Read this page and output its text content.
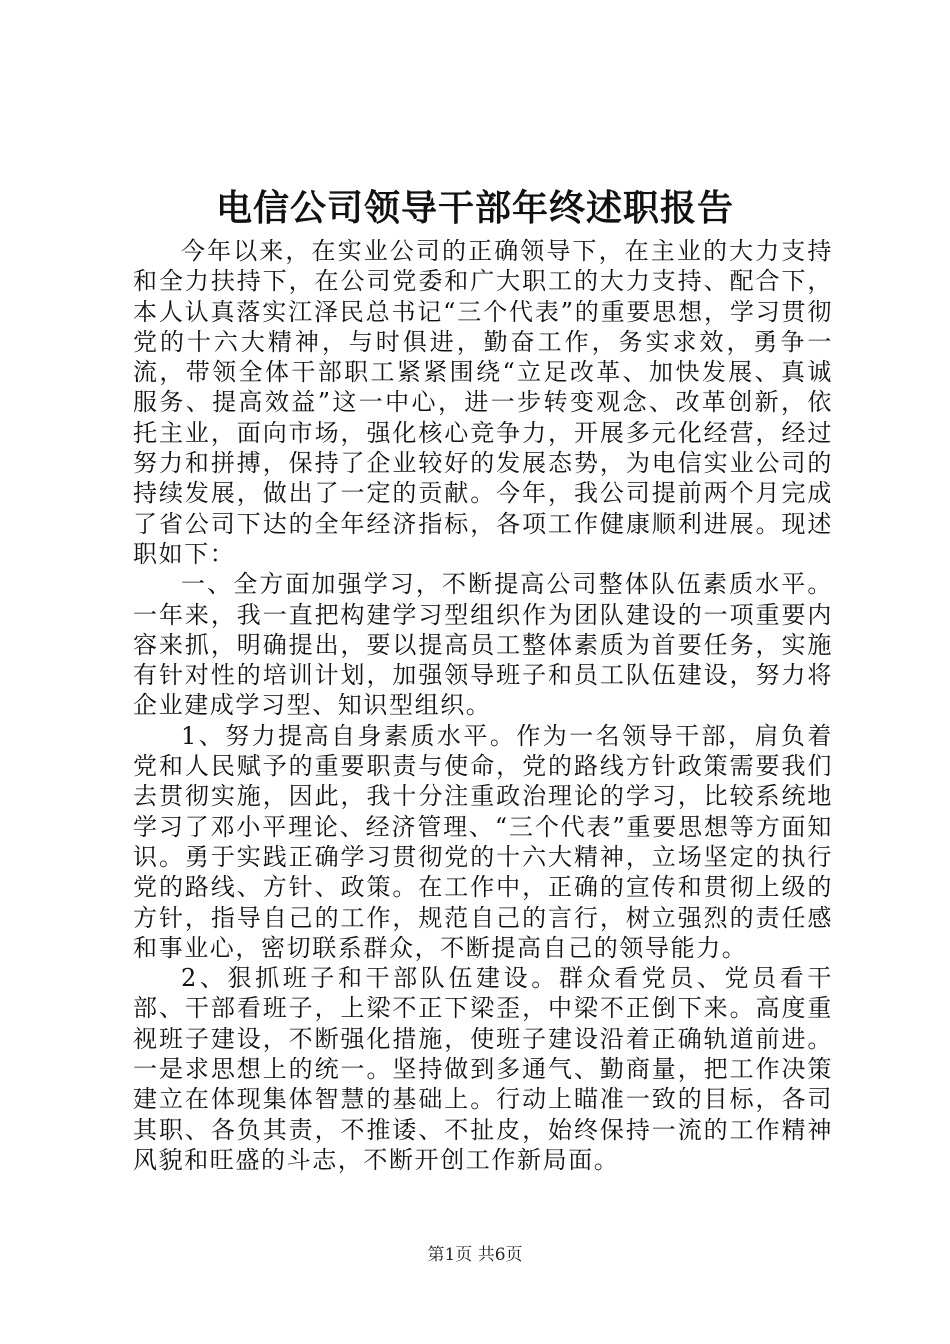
电信公司领导干部年终述职报告

今年以来，在实业公司的正确领导下，在主业的大力支持和全力扶持下，在公司党委和广大职工的大力支持、配合下，本人认真落实江泽民总书记“三个代表”的重要思想，学习贯彻党的十六大精神，与时俱进，勤奋工作，务实求效，勇争一流，带领全体干部职工紧紧围绕“立足改革、加快发展、真诚服务、提高效益”这一中心，进一步转变观念、改革创新，依托主业，面向市场，强化核心竞争力，开展多元化经营，经过努力和拼搏，保持了企业较好的发展态势，为电信实业公司的持续发展，做出了一定的贡献。今年，我公司提前两个月完成了省公司下达的全年经济指标，各项工作健康顺利进展。现述职如下：

一、全方面加强学习，不断提高公司整体队伍素质水平。一年来，我一直把构建学习型组织作为团队建设的一项重要内容来抓，明确提出，要以提高员工整体素质为首要任务，实施有针对性的培训计划，加强领导班子和员工队伍建设，努力将企业建成学习型、知识型组织。

1、努力提高自身素质水平。作为一名领导干部，肩负着党和人民赋予的重要职责与使命，党的路线方针政策需要我们去贯彻实施，因此，我十分注重政治理论的学习，比较系统地学习了邓小平理论、经济管理、“三个代表”重要思想等方面知识。勇于实践正确学习贯彻党的十六大精神，立场坚定的执行党的路线、方针、政策。在工作中，正确的宣传和贯彻上级的方针，指导自己的工作，规范自己的言行，树立强烈的责任感和事业心，密切联系群众，不断提高自己的领导能力。

2、狠抓班子和干部队伍建设。群众看党员、党员看干部、干部看班子，上梁不正下梁歪，中梁不正倒下来。高度重视班子建设，不断强化措施，使班子建设沿着正确轨道前进。一是求思想上的统一。坚持做到多通气、勤商量，把工作决策建立在体现集体智慧的基础上。行动上瞄准一致的目标，各司其职、各负其责，不推诿、不扯皮，始终保持一流的工作精神风貌和旺盛的斗志，不断开创工作新局面。

第1页 共6页
